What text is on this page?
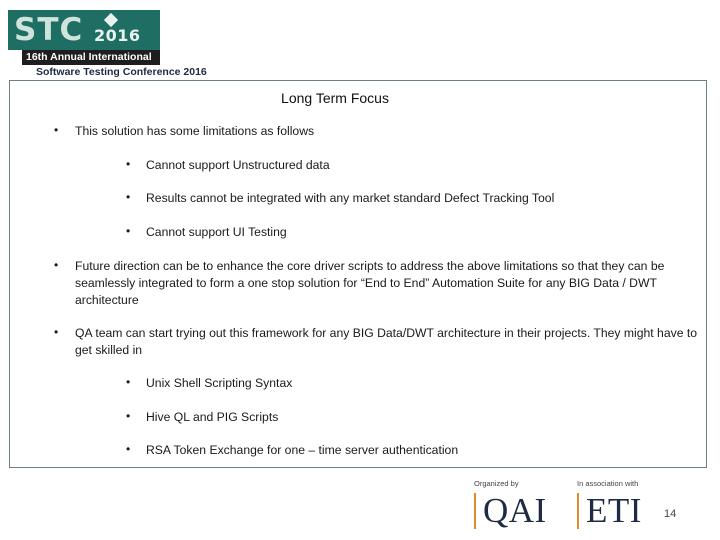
STC 2016
16th Annual International
Software Testing Conference 2016
Long Term Focus
• This solution has some limitations as follows
• Cannot support Unstructured data
• Results cannot be integrated with any market standard Defect Tracking Tool
• Cannot support UI Testing
• Future direction can be to enhance the core driver scripts to address the above limitations so that they can be seamlessly integrated to form a one stop solution for “End to End” Automation Suite for any BIG Data / DWT architecture
• QA team can start trying out this framework for any BIG Data/DWT architecture in their projects. They might have to get skilled in
• Unix Shell Scripting Syntax
• Hive QL and PIG Scripts
• RSA Token Exchange for one – time server authentication
Organized by
QAI
In association with
ETI 14
